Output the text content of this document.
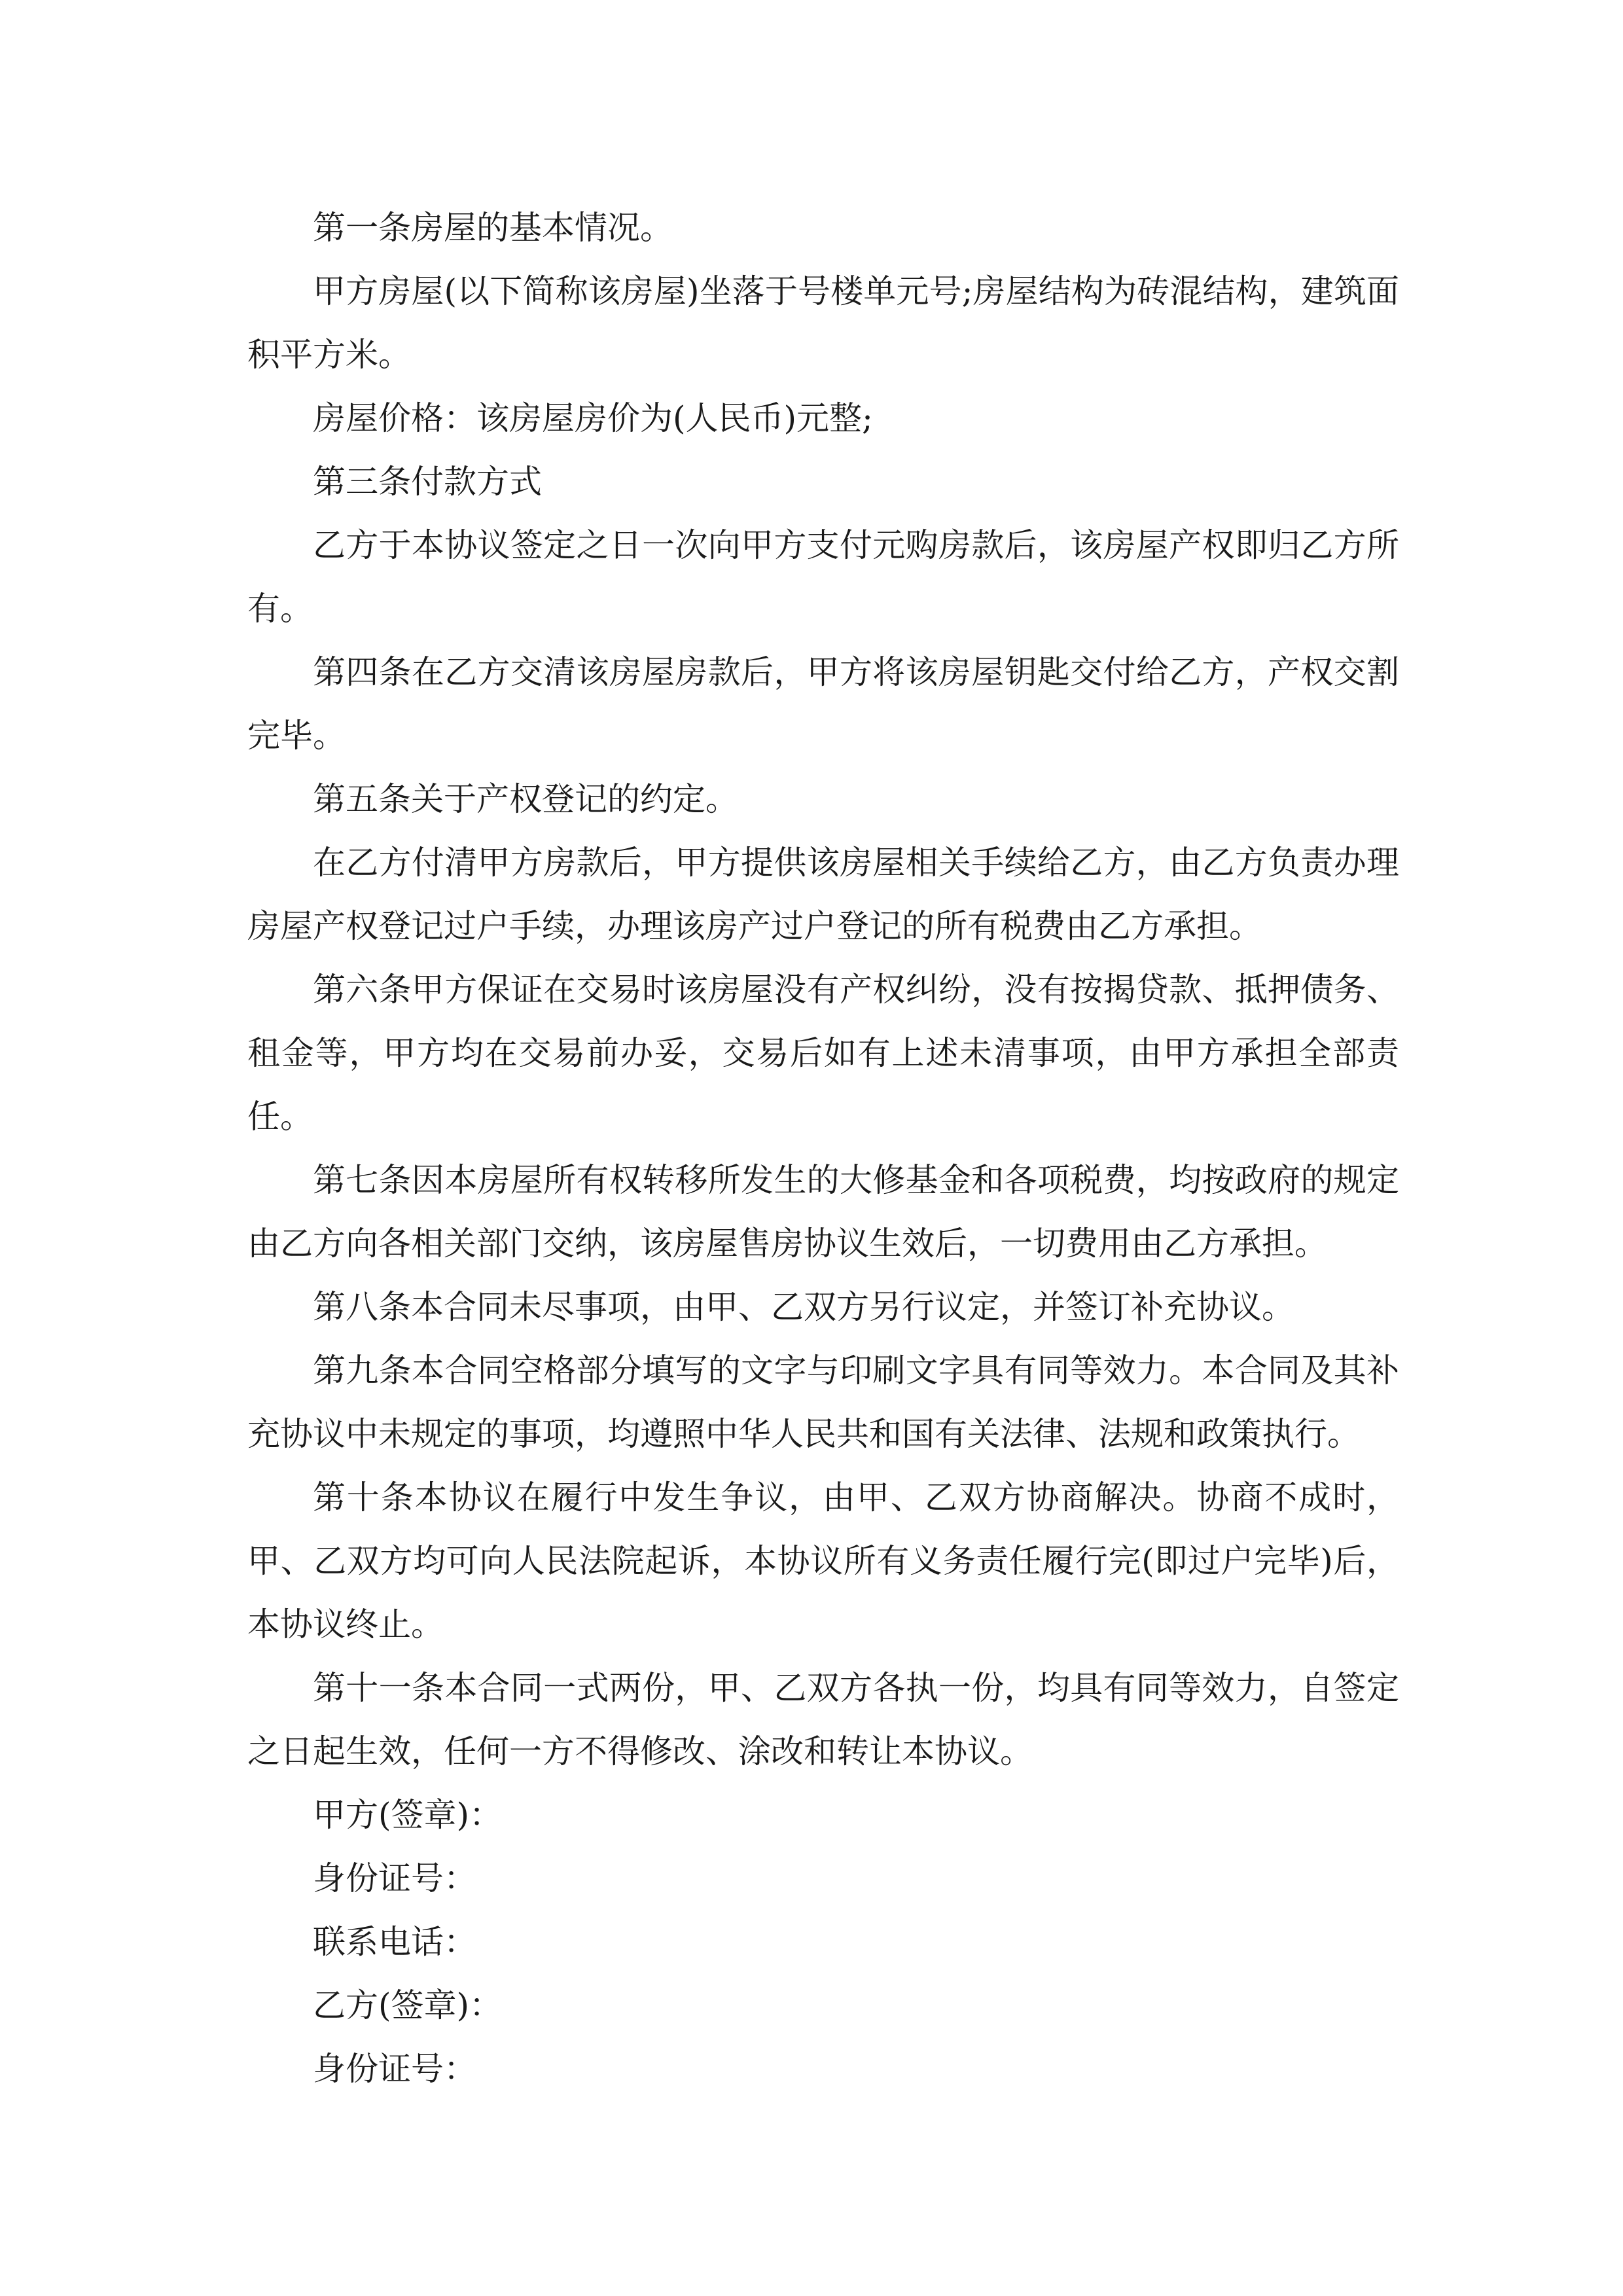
第一条房屋的基本情况。

甲方房屋(以下简称该房屋)坐落于号楼单元号;房屋结构为砖混结构，建筑面积平方米。

房屋价格：该房屋房价为(人民币)元整;

第三条付款方式

乙方于本协议签定之日一次向甲方支付元购房款后，该房屋产权即归乙方所有。

第四条在乙方交清该房屋房款后，甲方将该房屋钥匙交付给乙方，产权交割完毕。

第五条关于产权登记的约定。

在乙方付清甲方房款后，甲方提供该房屋相关手续给乙方，由乙方负责办理房屋产权登记过户手续，办理该房产过户登记的所有税费由乙方承担。

第六条甲方保证在交易时该房屋没有产权纠纷，没有按揭贷款、抵押债务、租金等，甲方均在交易前办妥，交易后如有上述未清事项，由甲方承担全部责任。

第七条因本房屋所有权转移所发生的大修基金和各项税费，均按政府的规定由乙方向各相关部门交纳，该房屋售房协议生效后，一切费用由乙方承担。

第八条本合同未尽事项，由甲、乙双方另行议定，并签订补充协议。

第九条本合同空格部分填写的文字与印刷文字具有同等效力。本合同及其补充协议中未规定的事项，均遵照中华人民共和国有关法律、法规和政策执行。

第十条本协议在履行中发生争议，由甲、乙双方协商解决。协商不成时，甲、乙双方均可向人民法院起诉，本协议所有义务责任履行完(即过户完毕)后，本协议终止。

第十一条本合同一式两份，甲、乙双方各执一份，均具有同等效力，自签定之日起生效，任何一方不得修改、涂改和转让本协议。

甲方(签章)：

身份证号：

联系电话：

乙方(签章)：

身份证号：
